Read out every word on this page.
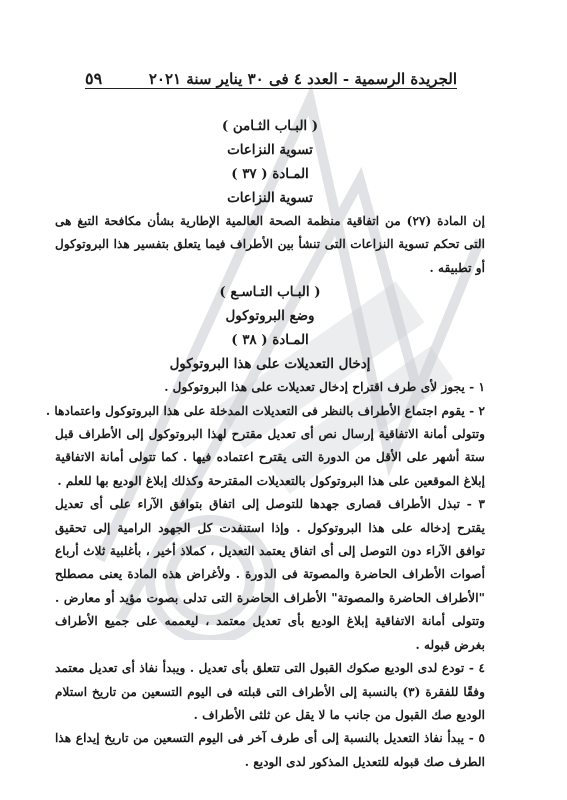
الجريدة الرسمية - العدد ٤ فى ٣٠ يناير سنة ٢٠٢١
٥٩
( البـاب الثـامن )
تسوية النزاعات
المـادة ( ٣٧ )
تسوية النزاعات
إن المادة (٢٧) من اتفاقية منظمة الصحة العالمية الإطارية بشأن مكافحة التبغ هى التى تحكم تسوية النزاعات التى تنشأ بين الأطراف فيما يتعلق بتفسير هذا البروتوكول أو تطبيقه .
( البـاب التـاسـع )
وضع البروتوكول
المـادة ( ٣٨ )
إدخال التعديلات على هذا البروتوكول
١ - يجوز لأى طرف اقتراح إدخال تعديلات على هذا البروتوكول .
٢ - يقوم اجتماع الأطراف بالنظر فى التعديلات المدخلة على هذا البروتوكول واعتمادها .
وتتولى أمانة الاتفاقية إرسال نص أى تعديل مقترح لهذا البروتوكول إلى الأطراف قبل ستة أشهر على الأقل من الدورة التى يقترح اعتماده فيها . كما تتولى أمانة الاتفاقية إبلاغ الموقعين على هذا البروتوكول بالتعديلات المقترحة وكذلك إبلاغ الوديع بها للعلم .
٣ - تبذل الأطراف قصارى جهدها للتوصل إلى اتفاق بتوافق الآراء على أى تعديل يقترح إدخاله على هذا البروتوكول . وإذا استنفدت كل الجهود الرامية إلى تحقيق توافق الآراء دون التوصل إلى أى اتفاق يعتمد التعديل ، كملاذ أخير ، بأغلبية ثلاث أرباع أصوات الأطراف الحاضرة والمصوتة فى الدورة . ولأغراض هذه المادة يعنى مصطلح "الأطراف الحاضرة والمصوتة" الأطراف الحاضرة التى تدلى بصوت مؤيد أو معارض . وتتولى أمانة الاتفاقية إبلاغ الوديع بأى تعديل معتمد ، ليعممه على جميع الأطراف بغرض قبوله .
٤ - تودع لدى الوديع صكوك القبول التى تتعلق بأى تعديل . ويبدأ نفاذ أى تعديل معتمد وفقًا للفقرة (٣) بالنسبة إلى الأطراف التى قبلته فى اليوم التسعين من تاريخ استلام الوديع صك القبول من جانب ما لا يقل عن ثلثى الأطراف .
٥ - يبدأ نفاذ التعديل بالنسبة إلى أى طرف آخر فى اليوم التسعين من تاريخ إيداع هذا الطرف صك قبوله للتعديل المذكور لدى الوديع .
